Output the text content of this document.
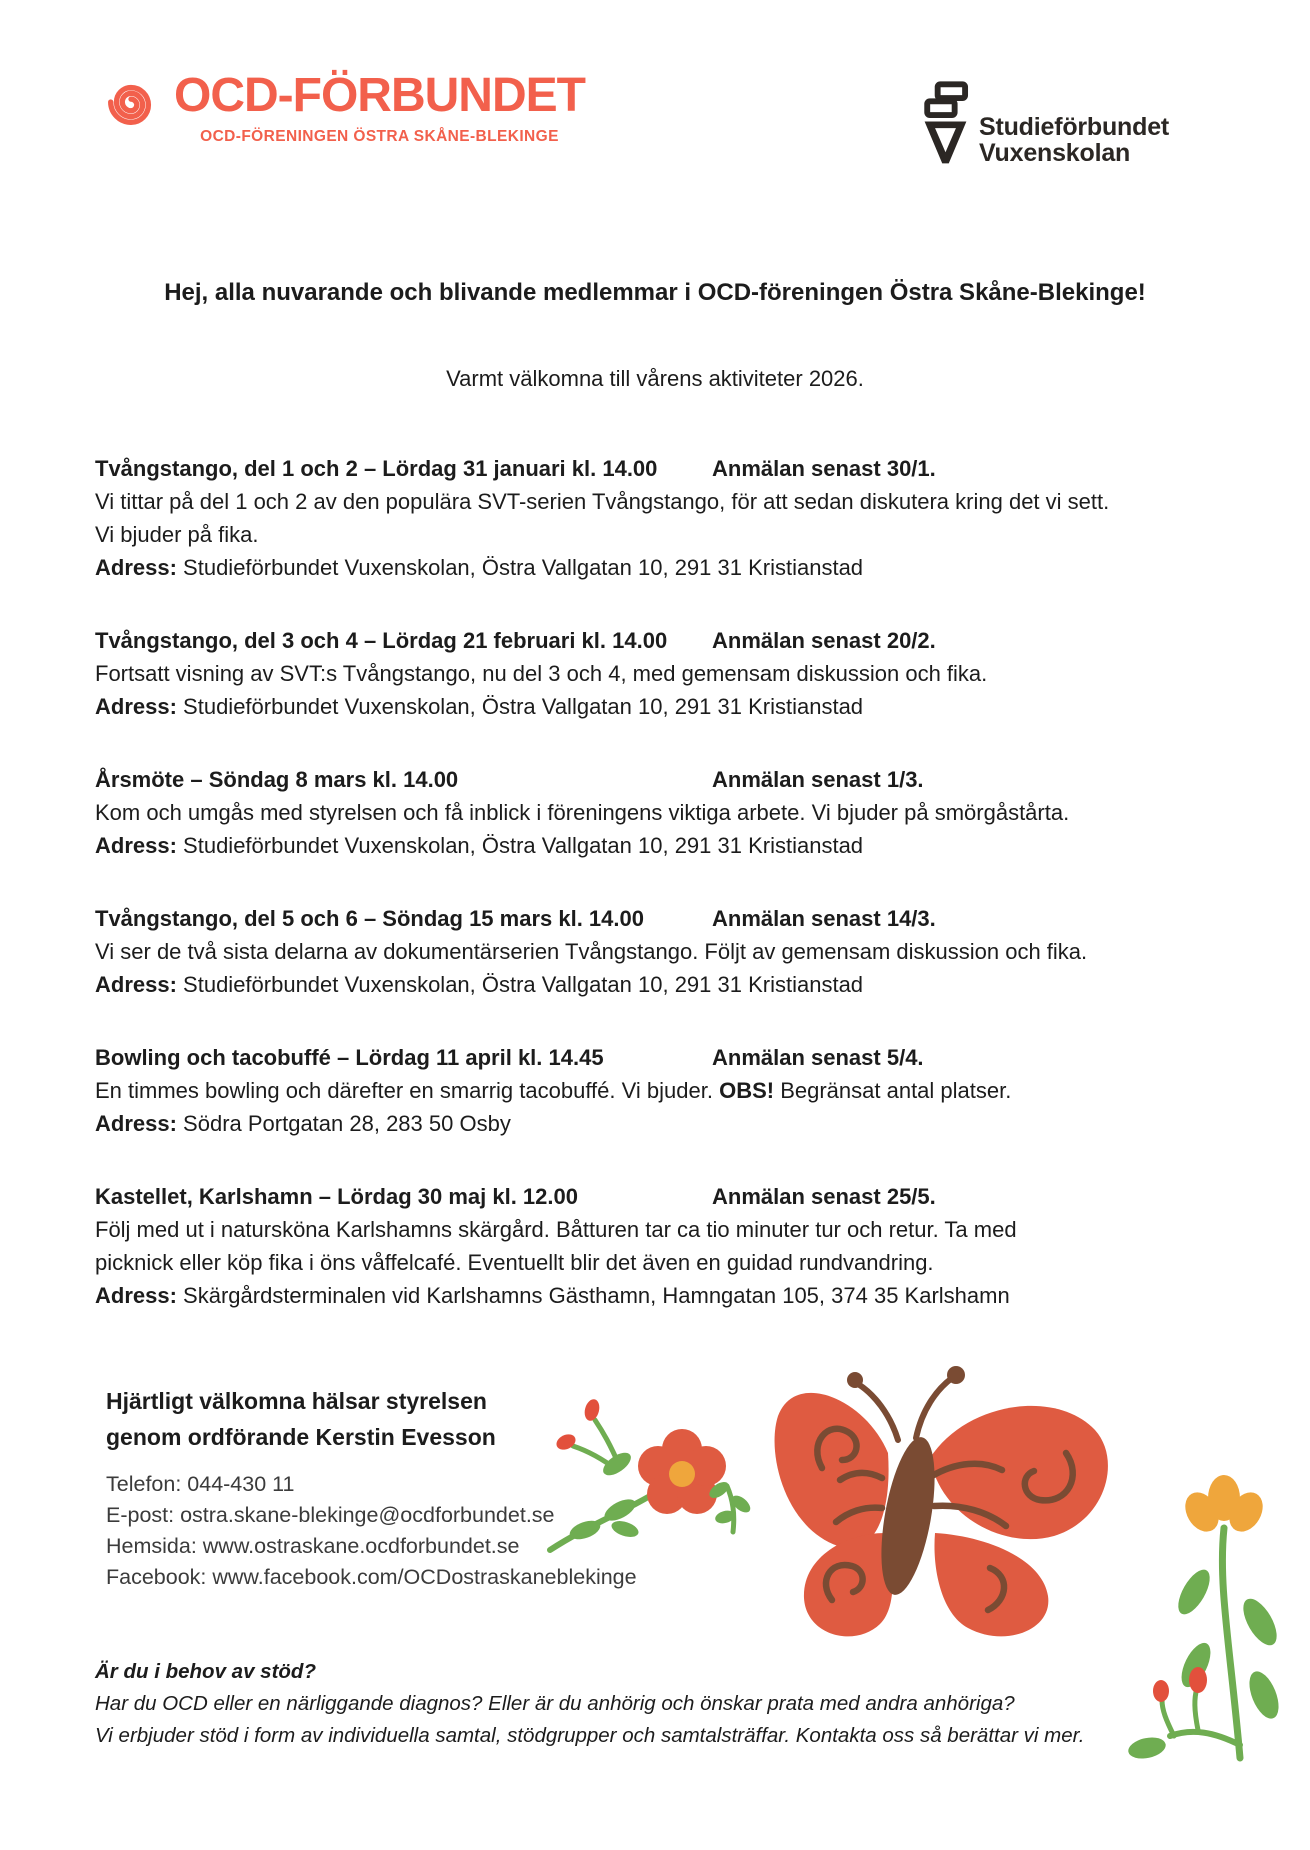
OCD-FÖRBUNDET
OCD-FÖRENINGEN ÖSTRA SKÅNE-BLEKINGE	Studieförbundet
Vuxenskolan
Hej, alla nuvarande och blivande medlemmar i OCD-föreningen Östra Skåne-Blekinge!
Varmt välkomna till vårens aktiviteter 2026.
Tvångstango, del 1 och 2 – Lördag 31 januari kl. 14.00 Anmälan senast 30/1.
Vi tittar på del 1 och 2 av den populära SVT-serien Tvångstango, för att sedan diskutera kring det vi sett.
Vi bjuder på fika.
Adress: Studieförbundet Vuxenskolan, Östra Vallgatan 10, 291 31 Kristianstad
Tvångstango, del 3 och 4 – Lördag 21 februari kl. 14.00 Anmälan senast 20/2.
Fortsatt visning av SVT:s Tvångstango, nu del 3 och 4, med gemensam diskussion och fika.
Adress: Studieförbundet Vuxenskolan, Östra Vallgatan 10, 291 31 Kristianstad
Årsmöte – Söndag 8 mars kl. 14.00	Anmälan senast 1/3.
Kom och umgås med styrelsen och få inblick i föreningens viktiga arbete. Vi bjuder på smörgåstårta.
Adress: Studieförbundet Vuxenskolan, Östra Vallgatan 10, 291 31 Kristianstad
Tvångstango, del 5 och 6 – Söndag 15 mars kl. 14.00	Anmälan senast 14/3.
Vi ser de två sista delarna av dokumentärserien Tvångstango. Följt av gemensam diskussion och fika.
Adress: Studieförbundet Vuxenskolan, Östra Vallgatan 10, 291 31 Kristianstad
Bowling och tacobuffé – Lördag 11 april kl. 14.45	Anmälan senast 5/4.
En timmes bowling och därefter en smarrig tacobuffé. Vi bjuder. OBS! Begränsat antal platser.
Adress: Södra Portgatan 28, 283 50 Osby
Kastellet, Karlshamn – Lördag 30 maj kl. 12.00	Anmälan senast 25/5.
Följ med ut i natursköna Karlshamns skärgård. Båtturen tar ca tio minuter tur och retur. Ta med
picknick eller köp fika i öns våffelcafé. Eventuellt blir det även en guidad rundvandring.
Adress: Skärgårdsterminalen vid Karlshamns Gästhamn, Hamngatan 105, 374 35 Karlshamn
Hjärtligt välkomna hälsar styrelsen
genom ordförande Kerstin Evesson
Telefon: 044-430 11
E-post: ostra.skane-blekinge@ocdforbundet.se
Hemsida: www.ostraskane.ocdforbundet.se
Facebook: www.facebook.com/OCDostraskaneblekinge
Är du i behov av stöd?
Har du OCD eller en närliggande diagnos? Eller är du anhörig och önskar prata med andra anhöriga?
Vi erbjuder stöd i form av individuella samtal, stödgrupper och samtalsträffar. Kontakta oss så berättar vi mer.
